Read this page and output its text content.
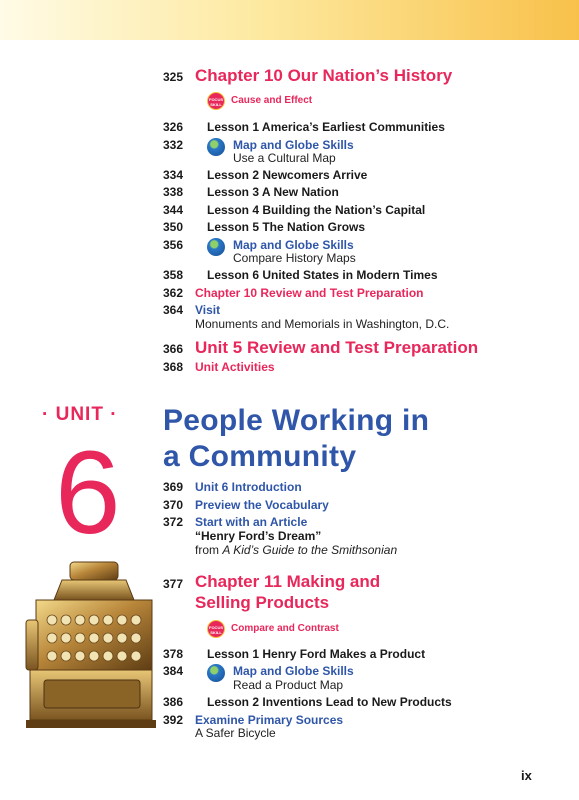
325 Chapter 10 Our Nation’s History
FOCUS SKILL Cause and Effect
326	Lesson 1 America’s Earliest Communities
332	Map and Globe Skills
Use a Cultural Map
334	Lesson 2 Newcomers Arrive
338	Lesson 3 A New Nation
344	Lesson 4 Building the Nation’s Capital
350	Lesson 5 The Nation Grows
356	Map and Globe Skills
Compare History Maps
358	Lesson 6 United States in Modern Times
362 Chapter 10 Review and Test Preparation
364 Visit
Monuments and Memorials in Washington, D.C.
366 Unit 5 Review and Test Preparation
368 Unit Activities
· UNIT ·
6
People Working in
a Community
369 Unit 6 Introduction
370 Preview the Vocabulary
372 Start with an Article
“Henry Ford’s Dream”
from A Kid’s Guide to the Smithsonian
377 Chapter 11 Making and
Selling Products
FOCUS SKILL Compare and Contrast
378	Lesson 1 Henry Ford Makes a Product
384	Map and Globe Skills
Read a Product Map
386	Lesson 2 Inventions Lead to New Products
392 Examine Primary Sources
A Safer Bicycle
ix
